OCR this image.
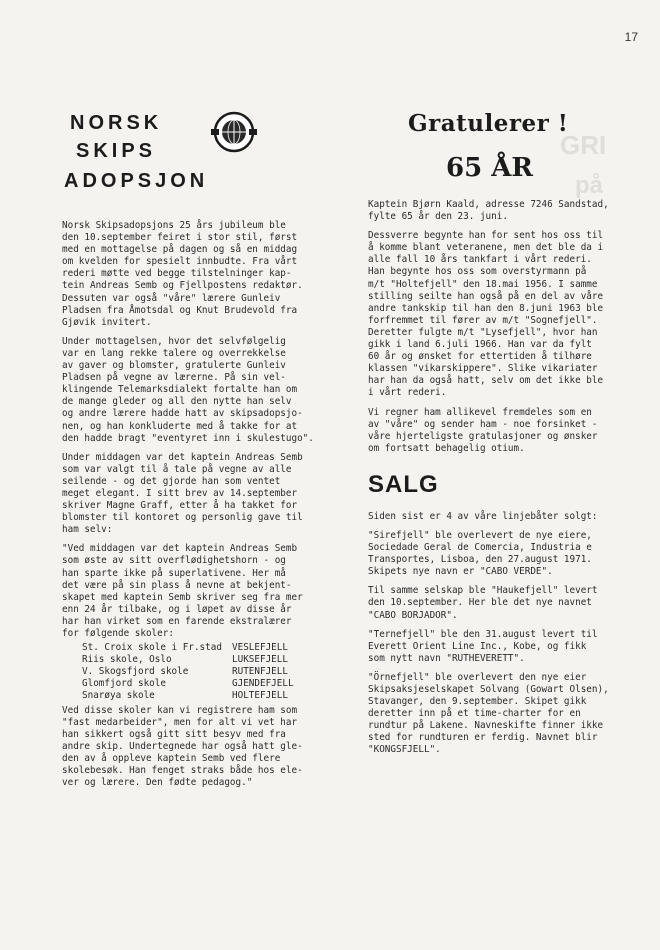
GRI
på
17
NORSK
SKIPS
ADOPSJON

Norsk Skipsadopsjons 25 års jubileum ble
den 10.september feiret i stor stil, først
med en mottagelse på dagen og så en middag
om kvelden for spesielt innbudte. Fra vårt
rederi møtte ved begge tilstelninger kap-
tein Andreas Semb og Fjellpostens redaktør.
Dessuten var også "våre" lærere Gunleiv
Pladsen fra Åmotsdal og Knut Brudevold fra
Gjøvik invitert.

Under mottagelsen, hvor det selvfølgelig
var en lang rekke talere og overrekkelse
av gaver og blomster, gratulerte Gunleiv
Pladsen på vegne av lærerne. På sin vel-
klingende Telemarksdialekt fortalte han om
de mange gleder og all den nytte han selv
og andre lærere hadde hatt av skipsadopsjo-
nen, og han konkluderte med å takke for at
den hadde bragt "eventyret inn i skulestugo".

Under middagen var det kaptein Andreas Semb
som var valgt til å tale på vegne av alle
seilende - og det gjorde han som ventet
meget elegant. I sitt brev av 14.september
skriver Magne Graff, etter å ha takket for
blomster til kontoret og personlig gave til
ham selv:

"Ved middagen var det kaptein Andreas Semb
som øste av sitt overflødighetshorn - og
han sparte ikke på superlativene. Her må
det være på sin plass å nevne at bekjent-
skapet med kaptein Semb skriver seg fra mer
enn 24 år tilbake, og i løpet av disse år
har han virket som en farende ekstralærer
for følgende skoler:

St. Croix skole i Fr.stad	VESLEFJELL
Riis skole, Oslo	LUKSEFJELL
V. Skogsfjord skole	RUTENFJELL
Glomfjord skole	GJENDEFJELL
Snarøya skole	HOLTEFJELL

Ved disse skoler kan vi registrere ham som
"fast medarbeider", men for alt vi vet har
han sikkert også gitt sitt besyv med fra
andre skip. Undertegnede har også hatt gle-
den av å oppleve kaptein Semb ved flere
skolebesøk. Han fenget straks både hos ele-
ver og lærere. Den fødte pedagog."

Gratulerer !
65 ÅR

Kaptein Bjørn Kaald, adresse 7246 Sandstad,
fylte 65 år den 23. juni.

Dessverre begynte han for sent hos oss til
å komme blant veteranene, men det ble da i
alle fall 10 års tankfart i vårt rederi.
Han begynte hos oss som overstyrmann på
m/t "Holtefjell" den 18.mai 1956. I samme
stilling seilte han også på en del av våre
andre tankskip til han den 8.juni 1963 ble
forfremmet til fører av m/t "Sognefjell".
Deretter fulgte m/t "Lysefjell", hvor han
gikk i land 6.juli 1966. Han var da fylt
60 år og ønsket for ettertiden å tilhøre
klassen "vikarskippere". Slike vikariater
har han da også hatt, selv om det ikke ble
i vårt rederi.

Vi regner ham allikevel fremdeles som en
av "våre" og sender ham - noe forsinket -
våre hjerteligste gratulasjoner og ønsker
om fortsatt behagelig otium.

SALG

Siden sist er 4 av våre linjebåter solgt:

"Sirefjell" ble overlevert de nye eiere,
Sociedade Geral de Comercia, Industria e
Transportes, Lisboa, den 27.august 1971.
Skipets nye navn er "CABO VERDE".

Til samme selskap ble "Haukefjell" levert
den 10.september. Her ble det nye navnet
"CABO BORJADOR".

"Ternefjell" ble den 31.august levert til
Everett Orient Line Inc., Kobe, og fikk
som nytt navn "RUTHEVERETT".

"Örnefjell" ble overlevert den nye eier
Skipsaksjeselskapet Solvang (Gowart Olsen),
Stavanger, den 9.september. Skipet gikk
deretter inn på et time-charter for en
rundtur på Lakene. Navneskifte finner ikke
sted for rundturen er ferdig. Navnet blir
"KONGSFJELL".
